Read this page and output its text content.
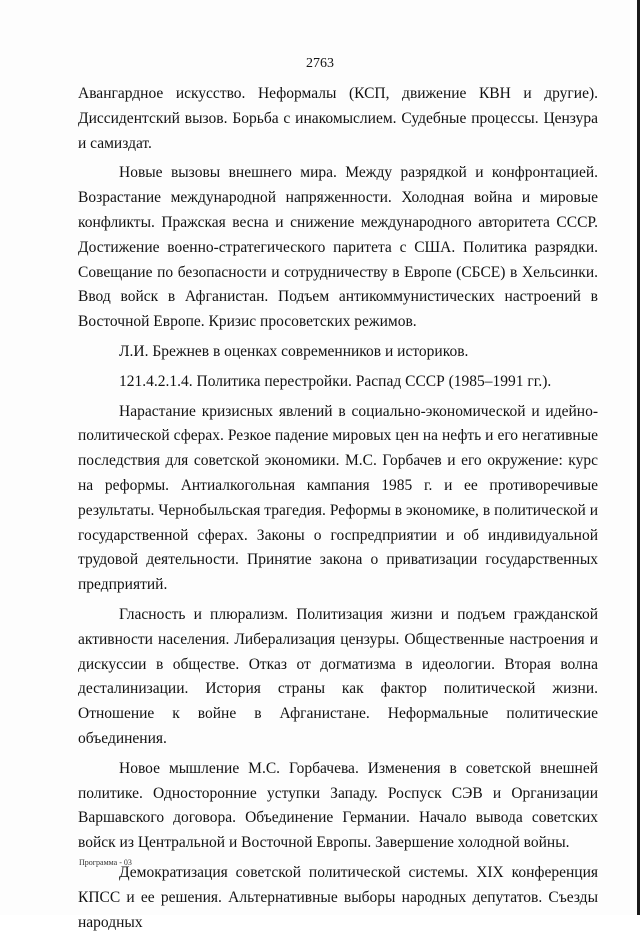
2763

Авангардное искусство. Неформалы (КСП, движение КВН и другие). Диссидентский вызов. Борьба с инакомыслием. Судебные процессы. Цензура и самиздат.

Новые вызовы внешнего мира. Между разрядкой и конфронтацией. Возрастание международной напряженности. Холодная война и мировые конфликты. Пражская весна и снижение международного авторитета СССР. Достижение военно-стратегического паритета с США. Политика разрядки. Совещание по безопасности и сотрудничеству в Европе (СБСЕ) в Хельсинки. Ввод войск в Афганистан. Подъем антикоммунистических настроений в Восточной Европе. Кризис просоветских режимов.

Л.И. Брежнев в оценках современников и историков.

121.4.2.1.4. Политика перестройки. Распад СССР (1985–1991 гг.).

Нарастание кризисных явлений в социально-экономической и идейно-политической сферах. Резкое падение мировых цен на нефть и его негативные последствия для советской экономики. М.С. Горбачев и его окружение: курс на реформы. Антиалкогольная кампания 1985 г. и ее противоречивые результаты. Чернобыльская трагедия. Реформы в экономике, в политической и государственной сферах. Законы о госпредприятии и об индивидуальной трудовой деятельности. Принятие закона о приватизации государственных предприятий.

Гласность и плюрализм. Политизация жизни и подъем гражданской активности населения. Либерализация цензуры. Общественные настроения и дискуссии в обществе. Отказ от догматизма в идеологии. Вторая волна десталинизации. История страны как фактор политической жизни. Отношение к войне в Афганистане. Неформальные политические объединения.

Новое мышление М.С. Горбачева. Изменения в советской внешней политике. Односторонние уступки Западу. Роспуск СЭВ и Организации Варшавского договора. Объединение Германии. Начало вывода советских войск из Центральной и Восточной Европы. Завершение холодной войны.

Демократизация советской политической системы. XIX конференция КПСС и ее решения. Альтернативные выборы народных депутатов. Съезды народных

Программа - 03
